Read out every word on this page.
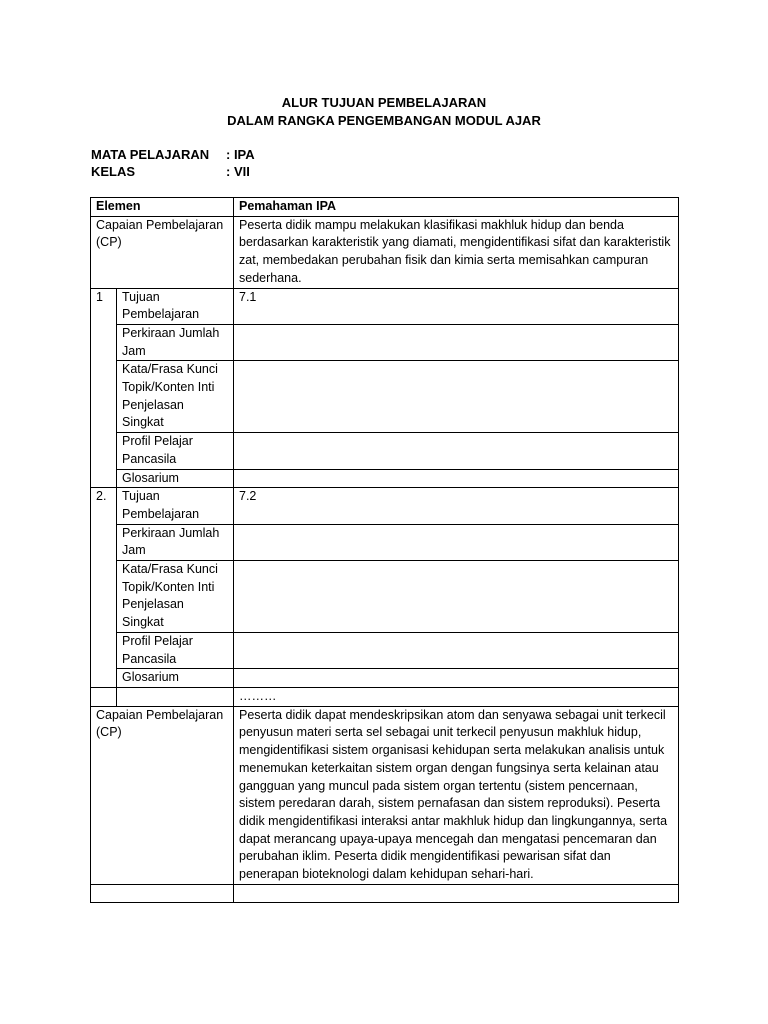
ALUR TUJUAN PEMBELAJARAN
DALAM RANGKA PENGEMBANGAN MODUL AJAR
MATA PELAJARAN : IPA
KELAS	: VII
Elemen		Pemahaman IPA
Capaian Pembelajaran (CP)		Peserta didik mampu melakukan klasifikasi makhluk hidup dan benda berdasarkan karakteristik yang diamati, mengidentifikasi sifat dan karakteristik zat, membedakan perubahan fisik dan kimia serta memisahkan campuran sederhana.
1	Tujuan Pembelajaran	7.1
	Perkiraan Jumlah Jam	
	Kata/Frasa Kunci Topik/Konten Inti Penjelasan Singkat	
	Profil Pelajar Pancasila	
	Glosarium	
2.	Tujuan Pembelajaran	7.2
	Perkiraan Jumlah Jam	
	Kata/Frasa Kunci Topik/Konten Inti Penjelasan Singkat	
	Profil Pelajar Pancasila	
	Glosarium	
		………
Capaian Pembelajaran (CP)		Peserta didik dapat mendeskripsikan atom dan senyawa sebagai unit terkecil penyusun materi serta sel sebagai unit terkecil penyusun makhluk hidup, mengidentifikasi sistem organisasi kehidupan serta melakukan analisis untuk menemukan keterkaitan sistem organ dengan fungsinya serta kelainan atau gangguan yang muncul pada sistem organ tertentu (sistem pencernaan, sistem peredaran darah, sistem pernafasan dan sistem reproduksi). Peserta didik mengidentifikasi interaksi antar makhluk hidup dan lingkungannya, serta dapat merancang upaya-upaya mencegah dan mengatasi pencemaran dan perubahan iklim. Peserta didik mengidentifikasi pewarisan sifat dan penerapan bioteknologi dalam kehidupan sehari-hari.
